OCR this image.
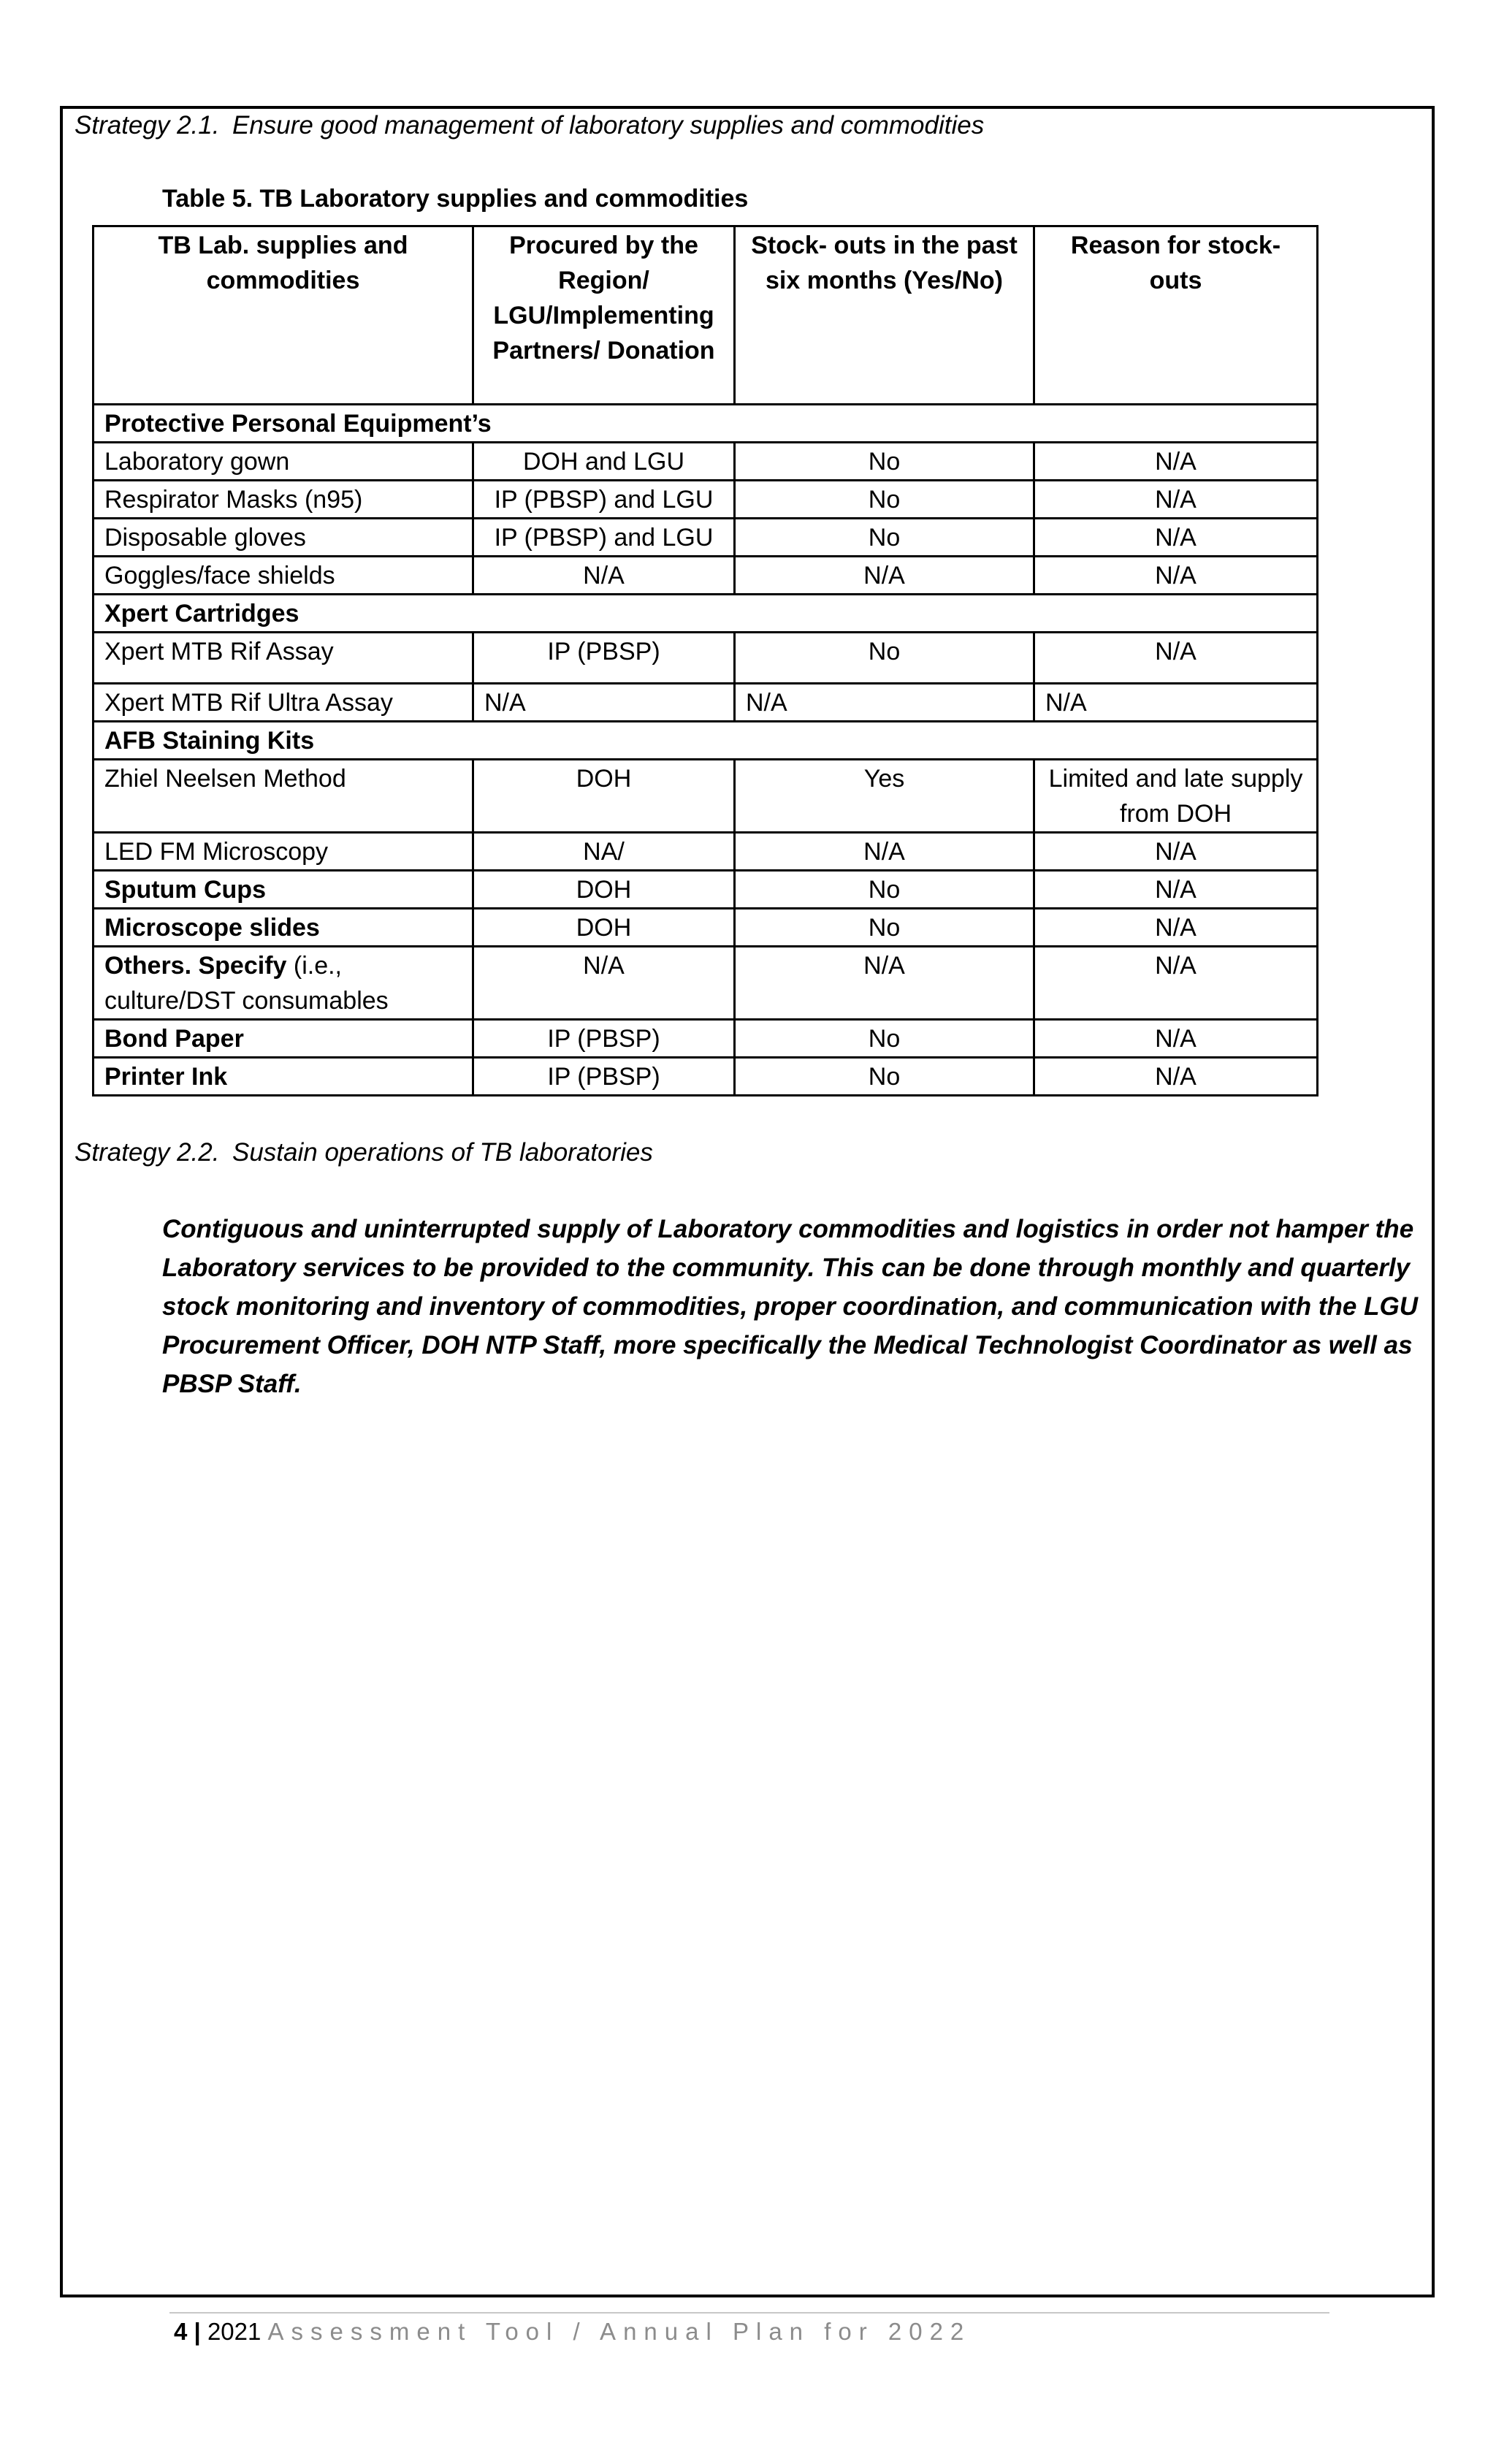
Strategy 2.1. Ensure good management of laboratory supplies and commodities
Table 5. TB Laboratory supplies and commodities
TB Lab. supplies and commodities	Procured by the Region/ LGU/Implementing Partners/ Donation	Stock- outs in the past six months (Yes/No)	Reason for stock- outs
Protective Personal Equipment’s			
Laboratory gown	DOH and LGU	No	N/A
Respirator Masks (n95)	IP (PBSP) and LGU	No	N/A
Disposable gloves	IP (PBSP) and LGU	No	N/A
Goggles/face shields	N/A	N/A	N/A
Xpert Cartridges			
Xpert MTB Rif Assay	IP (PBSP)	No	N/A
Xpert MTB Rif Ultra Assay	N/A	N/A	N/A
AFB Staining Kits			
Zhiel Neelsen Method	DOH	Yes	Limited and late supply from DOH
LED FM Microscopy	NA/	N/A	N/A
Sputum Cups	DOH	No	N/A
Microscope slides	DOH	No	N/A
Others. Specify (i.e., culture/DST consumables	N/A	N/A	N/A
Bond Paper	IP (PBSP)	No	N/A
Printer Ink	IP (PBSP)	No	N/A
Strategy 2.2. Sustain operations of TB laboratories
Contiguous and uninterrupted supply of Laboratory commodities and logistics in order not hamper the Laboratory services to be provided to the community. This can be done through monthly and quarterly stock monitoring and inventory of commodities, proper coordination, and communication with the LGU Procurement Officer, DOH NTP Staff, more specifically the Medical Technologist Coordinator as well as PBSP Staff.
4 | 2021 Assessment Tool / Annual Plan for 2022
